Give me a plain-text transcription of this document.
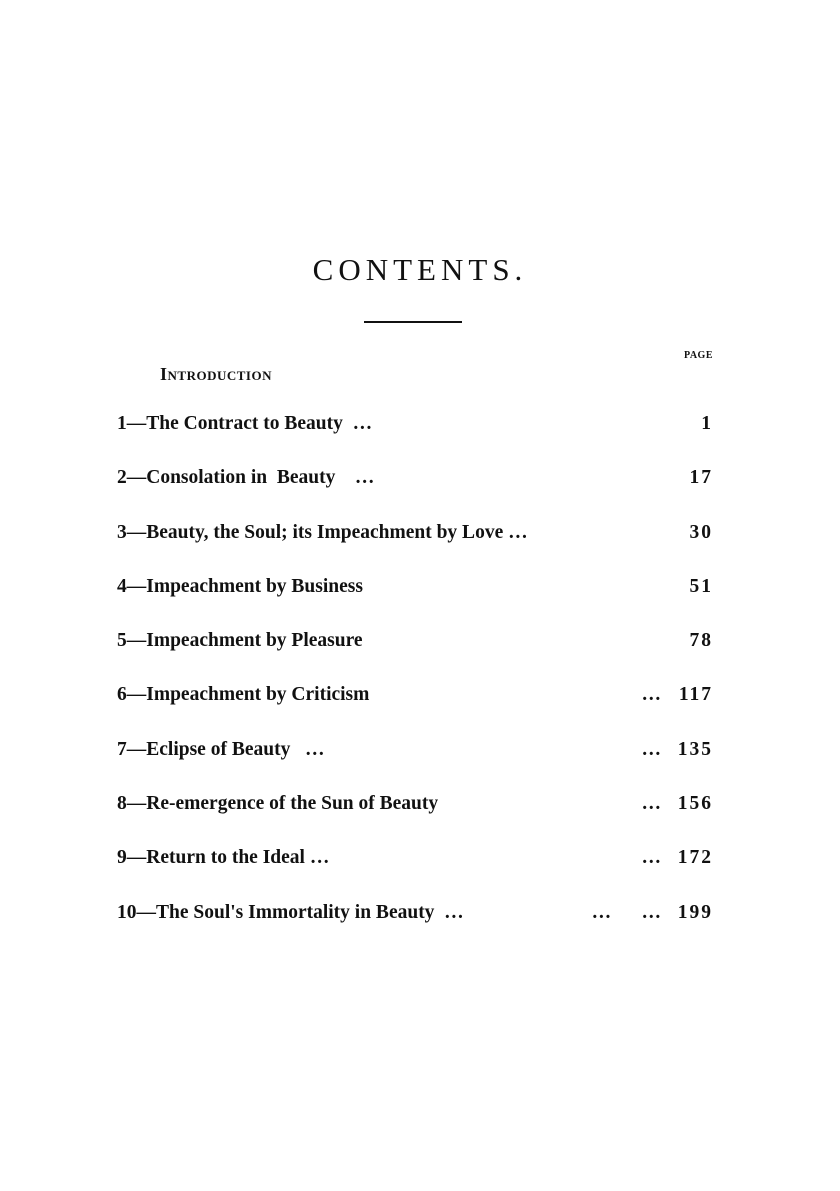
CONTENTS.
PAGE
Introduction
1—The Contract to Beauty  …	1
2—Consolation in  Beauty    …	17
3—Beauty, the Soul; its Impeachment by Love …	30
4—Impeachment by Business	51
5—Impeachment by Pleasure	78
6—Impeachment by Criticism	… 117
7—Eclipse of Beauty   …	… 135
8—Re-emergence of the Sun of Beauty	… 156
9—Return to the Ideal …	… 172
10—The Soul's Immortality in Beauty  …	…     … 199
